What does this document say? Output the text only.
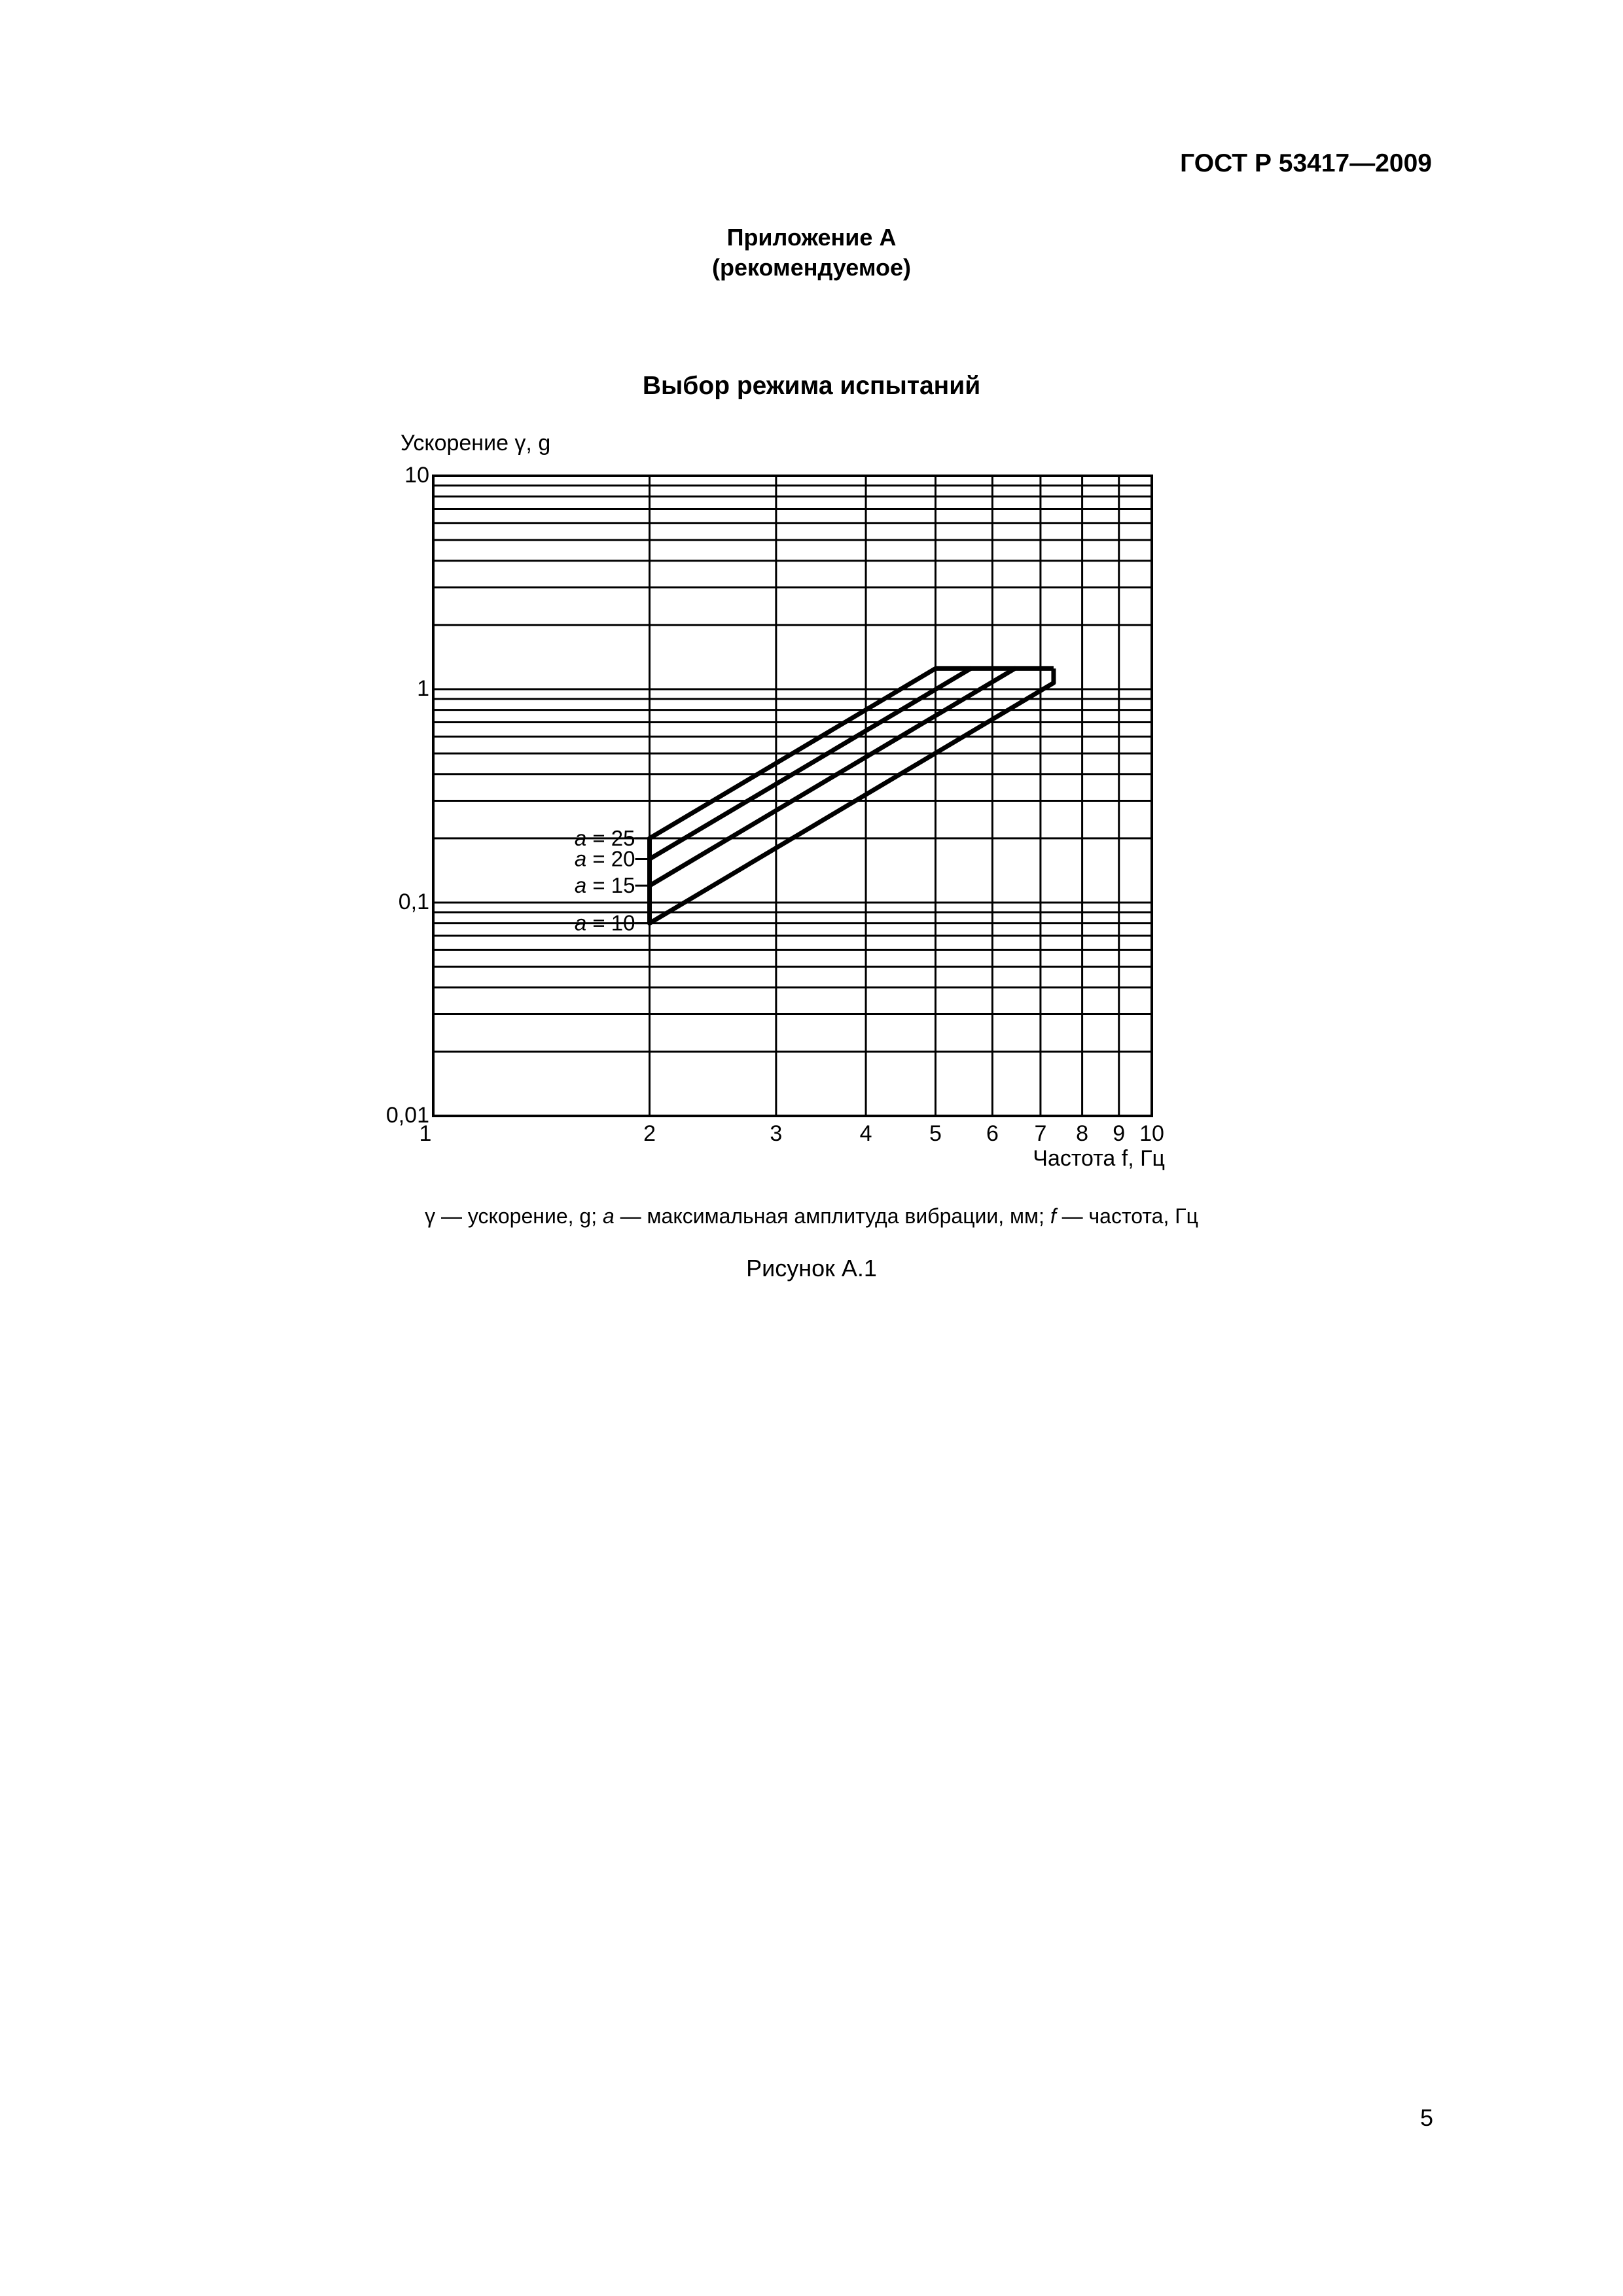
ГОСТ Р 53417—2009
Приложение А
(рекомендуемое)
Выбор режима испытаний
1	2	3	4	5 6 7 8 9 10
0,01
0,1
1
10
Ускорение γ, g
Частота f, Гц
a = 25
a = 20
a = 15
a = 10
γ — ускорение, g; a — максимальная амплитуда вибрации, мм; f — частота, Гц
Рисунок А.1
5
